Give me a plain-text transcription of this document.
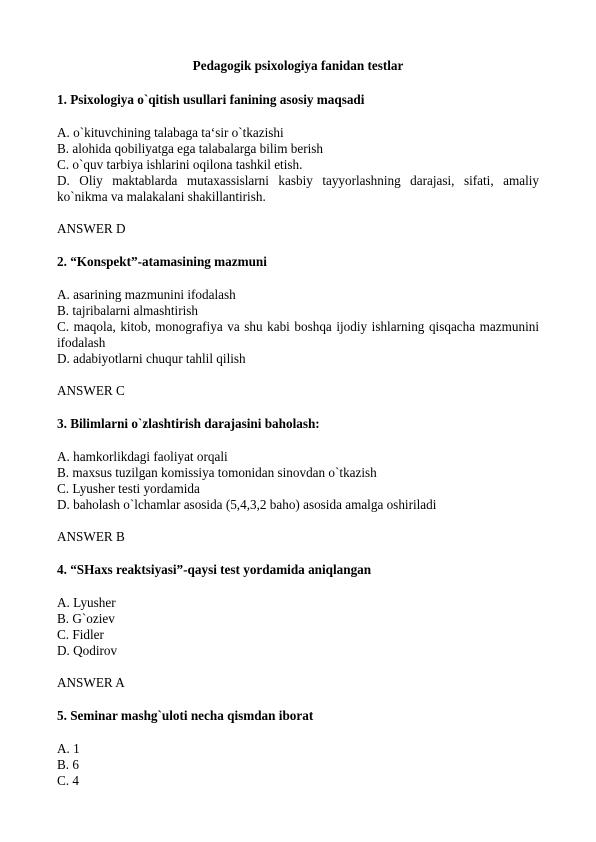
Pedagogik psixologiya fanidan testlar

1. Psixologiya o`qitish usullari fanining asosiy maqsadi

A. o`kituvchining talabaga ta‘sir o`tkazishi

B. alohida qobiliyatga ega talabalarga bilim berish

C. o`quv tarbiya ishlarini oqilona tashkil etish.

D. Oliy maktablarda mutaxassislarni kasbiy tayyorlashning darajasi, sifati, amaliy ko`nikma va malakalani shakillantirish.

ANSWER D

2. “Konspekt”-atamasining mazmuni

A. asarining mazmunini ifodalash

B. tajribalarni almashtirish

C. maqola, kitob, monografiya va shu kabi boshqa ijodiy ishlarning qisqacha mazmunini ifodalash

D. adabiyotlarni chuqur tahlil qilish

ANSWER C

3. Bilimlarni o`zlashtirish darajasini baholash:

A. hamkorlikdagi faoliyat orqali

B. maxsus tuzilgan komissiya tomonidan sinovdan o`tkazish

C. Lyusher testi yordamida

D. baholash o`lchamlar asosida (5,4,3,2 baho) asosida amalga oshiriladi

ANSWER B

4. “SHaxs reaktsiyasi”-qaysi test yordamida aniqlangan

A. Lyusher

B. G`oziev

C. Fidler

D. Qodirov

ANSWER A

5. Seminar mashg`uloti necha qismdan iborat

A. 1

B. 6

C. 4
